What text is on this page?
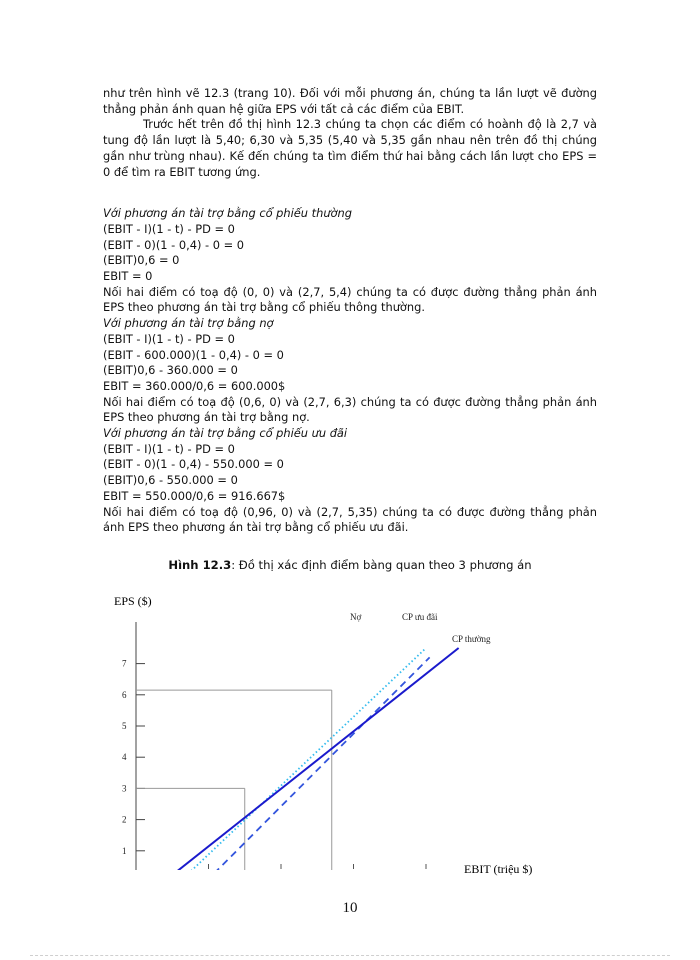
như trên hình vẽ 12.3 (trang 10). Đối với mỗi phương án, chúng ta lần lượt vẽ đường thẳng phản ánh quan hệ giữa EPS với tất cả các điểm của EBIT.

Trước hết trên đồ thị hình 12.3 chúng ta chọn các điểm có hoành độ là 2,7 và tung độ lần lượt là 5,40; 6,30 và 5,35 (5,40 và 5,35 gần nhau nên trên đồ thị chúng gần như trùng nhau). Kế đến chúng ta tìm điểm thứ hai bằng cách lần lượt cho EPS = 0 để tìm ra EBIT tương ứng.

Với phương án tài trợ bằng cổ phiếu thường

(EBIT - I)(1 - t) - PD = 0

(EBIT - 0)(1 - 0,4) - 0 = 0

(EBIT)0,6 = 0

EBIT = 0

Nối hai điểm có toạ độ (0, 0) và (2,7, 5,4) chúng ta có được đường thẳng phản ánh EPS theo phương án tài trợ bằng cổ phiếu thông thường.

Với phương án tài trợ bằng nợ

(EBIT - I)(1 - t) - PD = 0

(EBIT - 600.000)(1 - 0,4) - 0 = 0

(EBIT)0,6 - 360.000 = 0

EBIT = 360.000/0,6 = 600.000$

Nối hai điểm có toạ độ (0,6, 0) và (2,7, 6,3) chúng ta có được đường thẳng phản ánh EPS theo phương án tài trợ bằng nợ.

Với phương án tài trợ bằng cổ phiếu ưu đãi

(EBIT - I)(1 - t) - PD = 0

(EBIT - 0)(1 - 0,4) - 550.000 = 0

(EBIT)0,6 - 550.000 = 0

EBIT = 550.000/0,6 = 916.667$

Nối hai điểm có toạ độ (0,96, 0) và (2,7, 5,35) chúng ta có được đường thẳng phản ánh EPS theo phương án tài trợ bằng cổ phiếu ưu đãi.

Hình 12.3: Đồ thị xác định điểm bàng quan theo 3 phương án
EPS ($)
EBIT (triệu $)
1
2
3
4
5
6
7
Nợ	CP ưu đãi
CP thường
10
